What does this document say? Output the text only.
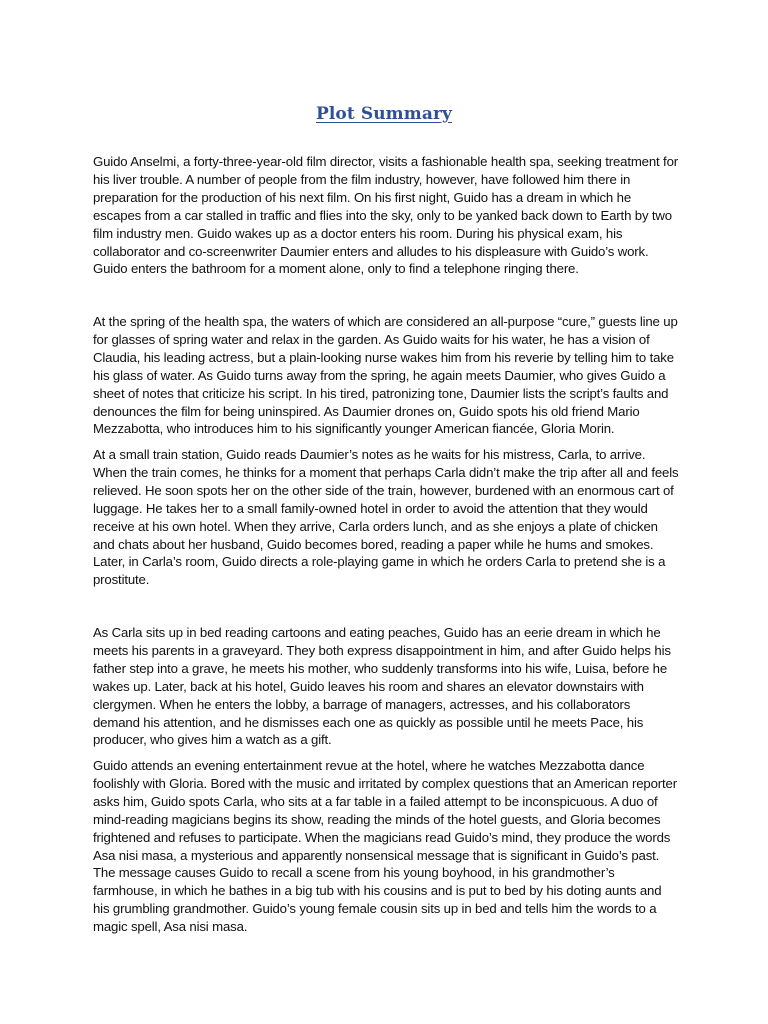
Plot Summary

Guido Anselmi, a forty-three-year-old film director, visits a fashionable health spa, seeking treatment for his liver trouble. A number of people from the film industry, however, have followed him there in preparation for the production of his next film. On his first night, Guido has a dream in which he escapes from a car stalled in traffic and flies into the sky, only to be yanked back down to Earth by two film industry men. Guido wakes up as a doctor enters his room. During his physical exam, his collaborator and co-screenwriter Daumier enters and alludes to his displeasure with Guido’s work. Guido enters the bathroom for a moment alone, only to find a telephone ringing there.

At the spring of the health spa, the waters of which are considered an all-purpose “cure,” guests line up for glasses of spring water and relax in the garden. As Guido waits for his water, he has a vision of Claudia, his leading actress, but a plain-looking nurse wakes him from his reverie by telling him to take his glass of water. As Guido turns away from the spring, he again meets Daumier, who gives Guido a sheet of notes that criticize his script. In his tired, patronizing tone, Daumier lists the script’s faults and denounces the film for being uninspired. As Daumier drones on, Guido spots his old friend Mario Mezzabotta, who introduces him to his significantly younger American fiancée, Gloria Morin.

At a small train station, Guido reads Daumier’s notes as he waits for his mistress, Carla, to arrive. When the train comes, he thinks for a moment that perhaps Carla didn’t make the trip after all and feels relieved. He soon spots her on the other side of the train, however, burdened with an enormous cart of luggage. He takes her to a small family-owned hotel in order to avoid the attention that they would receive at his own hotel. When they arrive, Carla orders lunch, and as she enjoys a plate of chicken and chats about her husband, Guido becomes bored, reading a paper while he hums and smokes. Later, in Carla’s room, Guido directs a role-playing game in which he orders Carla to pretend she is a prostitute.

As Carla sits up in bed reading cartoons and eating peaches, Guido has an eerie dream in which he meets his parents in a graveyard. They both express disappointment in him, and after Guido helps his father step into a grave, he meets his mother, who suddenly transforms into his wife, Luisa, before he wakes up. Later, back at his hotel, Guido leaves his room and shares an elevator downstairs with clergymen. When he enters the lobby, a barrage of managers, actresses, and his collaborators demand his attention, and he dismisses each one as quickly as possible until he meets Pace, his producer, who gives him a watch as a gift.

Guido attends an evening entertainment revue at the hotel, where he watches Mezzabotta dance foolishly with Gloria. Bored with the music and irritated by complex questions that an American reporter asks him, Guido spots Carla, who sits at a far table in a failed attempt to be inconspicuous. A duo of mind-reading magicians begins its show, reading the minds of the hotel guests, and Gloria becomes frightened and refuses to participate. When the magicians read Guido’s mind, they produce the words Asa nisi masa, a mysterious and apparently nonsensical message that is significant in Guido’s past. The message causes Guido to recall a scene from his young boyhood, in his grandmother’s farmhouse, in which he bathes in a big tub with his cousins and is put to bed by his doting aunts and his grumbling grandmother. Guido’s young female cousin sits up in bed and tells him the words to a magic spell, Asa nisi masa.
